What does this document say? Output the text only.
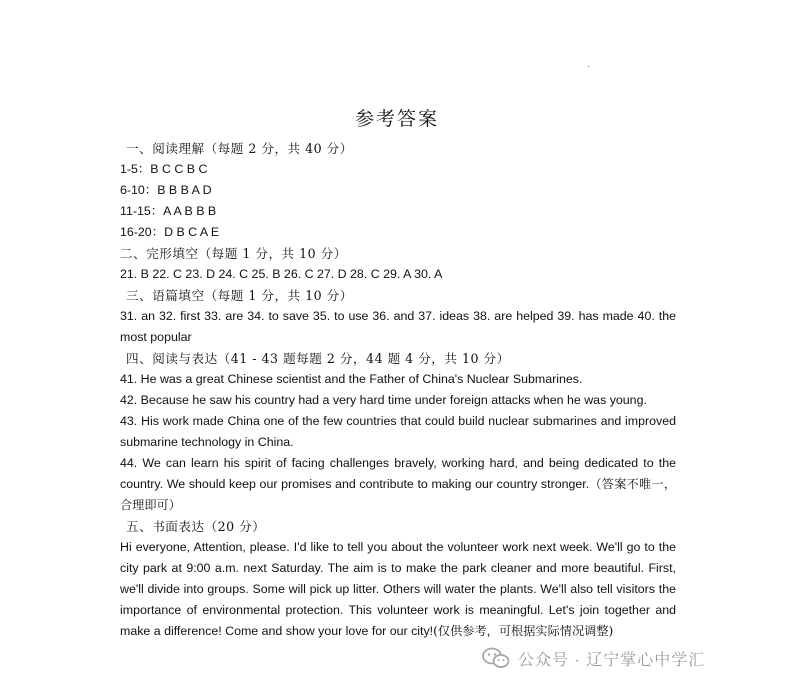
参考答案
一、阅读理解（每题 2 分，共 40 分）
1-5：B C C B C
6-10：B B B A D
11-15：A A B B B
16-20：D B C A E
二、完形填空（每题 1 分，共 10 分）
21. B 22. C 23. D 24. C 25. B 26. C 27. D 28. C 29. A 30. A
三、语篇填空（每题 1 分，共 10 分）
31. an 32. first 33. are 34. to save 35. to use 36. and 37. ideas 38. are helped 39. has made 40. the most popular
四、阅读与表达（41 - 43 题每题 2 分，44 题 4 分，共 10 分）
41. He was a great Chinese scientist and the Father of China's Nuclear Submarines.
42. Because he saw his country had a very hard time under foreign attacks when he was young.
43. His work made China one of the few countries that could build nuclear submarines and improved submarine technology in China.
44. We can learn his spirit of facing challenges bravely, working hard, and being dedicated to the country. We should keep our promises and contribute to making our country stronger.（答案不唯一，合理即可）
五、书面表达（20 分）
Hi everyone, Attention, please. I'd like to tell you about the volunteer work next week. We'll go to the city park at 9:00 a.m. next Saturday. The aim is to make the park cleaner and more beautiful. First, we'll divide into groups. Some will pick up litter. Others will water the plants. We'll also tell visitors the importance of environmental protection. This volunteer work is meaningful. Let's join together and make a difference! Come and show your love for our city!(仅供参考，可根据实际情况调整)
公众号 · 辽宁掌心中学汇
